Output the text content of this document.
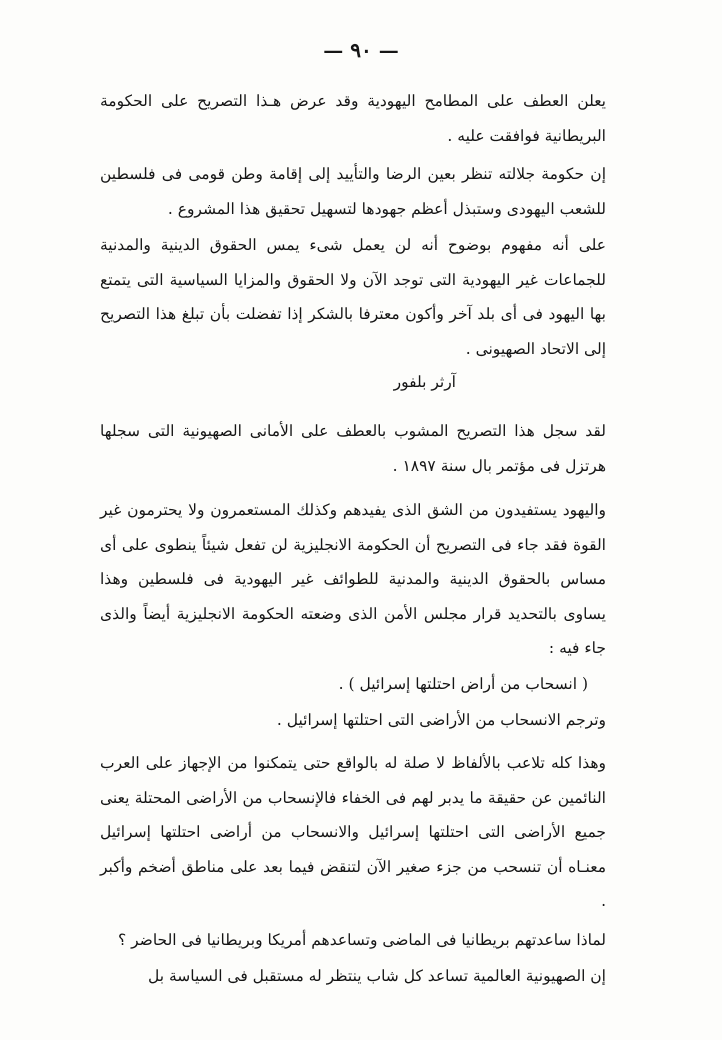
— ٩٠ —

يعلن العطف على المطامح اليهودية وقد عرض هـذا التصريح على الحكومة البريطانية فوافقت عليه .

إن حكومة جلالته تنظر بعين الرضا والتأييد إلى إقامة وطن قومى فى فلسطين للشعب اليهودى وستبذل أعظم جهودها لتسهيل تحقيق هذا المشروع .

على أنه مفهوم بوضوح أنه لن يعمل شىء يمس الحقوق الدينية والمدنية للجماعات غير اليهودية التى توجد الآن ولا الحقوق والمزايا السياسية التى يتمتع بها اليهود فى أى بلد آخر وأكون معترفا بالشكر إذا تفضلت بأن تبلغ هذا التصريح إلى الاتحاد الصهيونى .

آرثر بلفور

لقد سجل هذا التصريح المشوب بالعطف على الأمانى الصهيونية التى سجلها هرتزل فى مؤتمر بال سنة ١٨٩٧ .

واليهود يستفيدون من الشق الذى يفيدهم وكذلك المستعمرون ولا يحترمون غير القوة فقد جاء فى التصريح أن الحكومة الانجليزية لن تفعل شيئاً ينطوى على أى مساس بالحقوق الدينية والمدنية للطوائف غير اليهودية فى فلسطين وهذا يساوى بالتحديد قرار مجلس الأمن الذى وضعته الحكومة الانجليزية أيضاً والذى جاء فيه :

( انسحاب من أراض احتلتها إسرائيل ) .

وترجم الانسحاب من الأراضى التى احتلتها إسرائيل .

وهذا كله تلاعب بالألفاظ لا صلة له بالواقع حتى يتمكنوا من الإجهاز على العرب النائمين عن حقيقة ما يدبر لهم فى الخفاء فالإنسحاب من الأراضى المحتلة يعنى جميع الأراضى التى احتلتها إسرائيل والانسحاب من أراضى احتلتها إسرائيل معنـاه أن تنسحب من جزء صغير الآن لتنقض فيما بعد على مناطق أضخم وأكبر .

لماذا ساعدتهم بريطانيا فى الماضى وتساعدهم أمريكا وبريطانيا فى الحاضر ؟

إن الصهيونية العالمية تساعد كل شاب ينتظر له مستقبل فى السياسة بل
